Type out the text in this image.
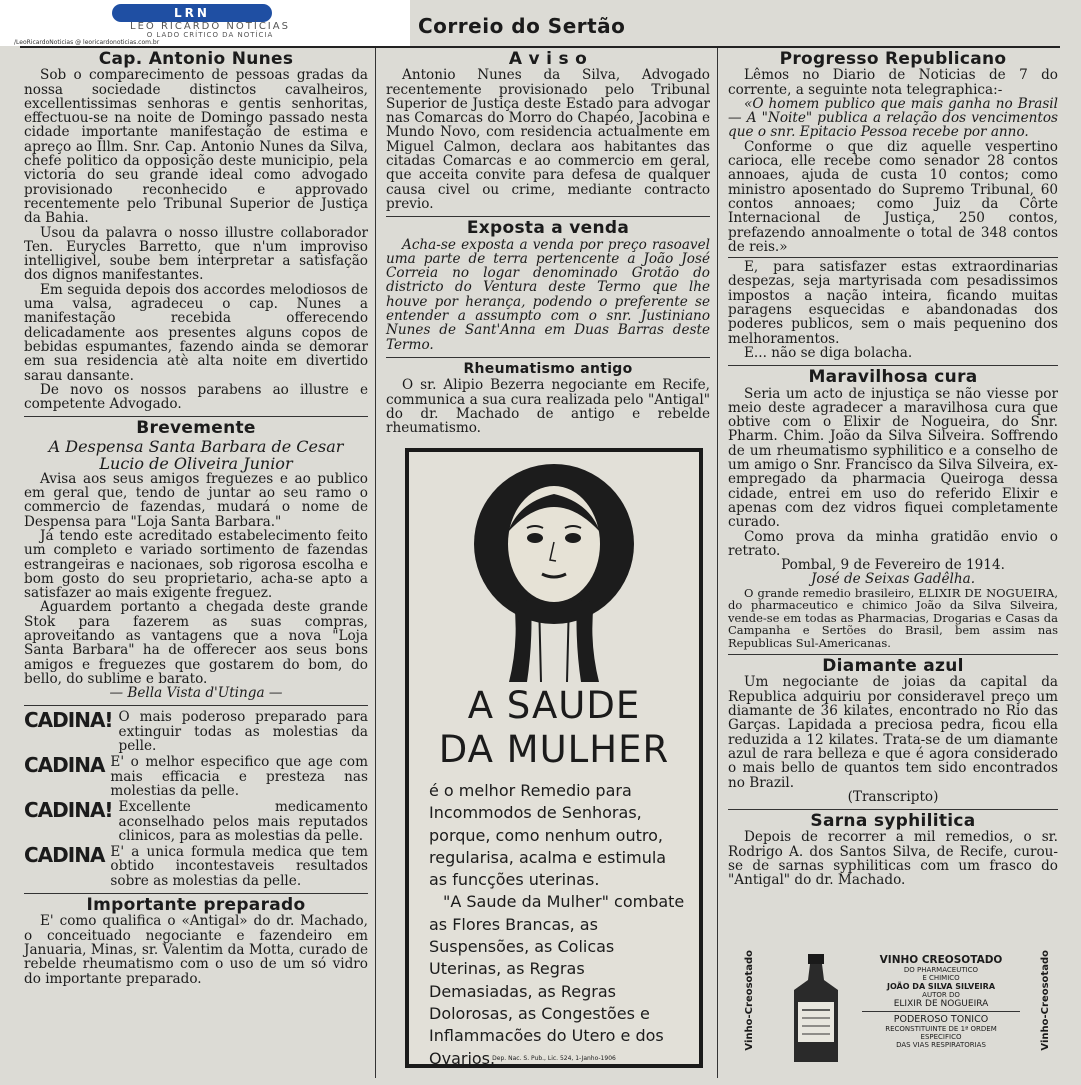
LRN
LEO RICARDO NOTÍCIAS
O LADO CRÍTICO DA NOTÍCIA
/LeoRicardoNoticias @ leoricardonoticias.com.br
Correio do Sertão
Cap. Antonio Nunes

Sob o comparecimento de pessoas gradas da nossa sociedade distinctos cavalheiros, excellentissimas senhoras e gentis senhoritas, effectuou-se na noite de Domingo passado nesta cidade importante manifestação de estima e apreço ao Illm. Snr. Cap. Antonio Nunes da Silva, chefe politico da opposição deste municipio, pela victoria do seu grande ideal como advogado provisionado reconhecido e approvado recentemente pelo Tribunal Superior de Justiça da Bahia.

Usou da palavra o nosso illustre collaborador Ten. Eurycles Barretto, que n'um improviso intelligivel, soube bem interpretar a satisfação dos dignos manifestantes.

Em seguida depois dos accordes melodiosos de uma valsa, agradeceu o cap. Nunes a manifestação recebida offerecendo delicadamente aos presentes alguns copos de bebidas espumantes, fazendo ainda se demorar em sua residencia atè alta noite em divertido sarau dansante.

De novo os nossos parabens ao illustre e competente Advogado.

Brevemente
A Despensa Santa Barbara de Cesar Lucio de Oliveira Junior

Avisa aos seus amigos freguezes e ao publico em geral que, tendo de juntar ao seu ramo o commercio de fazendas, mudará o nome de Despensa para "Loja Santa Barbara."

Já tendo este acreditado estabelecimento feito um completo e variado sortimento de fazendas estrangeiras e nacionaes, sob rigorosa escolha e bom gosto do seu proprietario, acha-se apto a satisfazer ao mais exigente freguez.

Aguardem portanto a chegada deste grande Stok para fazerem as suas compras, aproveitando as vantagens que a nova "Loja Santa Barbara" ha de offerecer aos seus bons amigos e freguezes que gostarem do bom, do bello, do sublime e barato.

— Bella Vista d'Utinga —

CADINA! O mais poderoso preparado para extinguir todas as molestias da pelle.
CADINA E' o melhor especifico que age com mais efficacia e presteza nas molestias da pelle.
CADINA! Excellente medicamento aconselhado pelos mais reputados clinicos, para as molestias da pelle.
CADINA E' a unica formula medica que tem obtido incontestaveis resultados sobre as molestias da pelle.
Importante preparado

E' como qualifica o «Antigal» do dr. Machado, o conceituado negociante e fazendeiro em Januaria, Minas, sr. Valentim da Motta, curado de rebelde rheumatismo com o uso de um só vidro do importante preparado.

A v i s o

Antonio Nunes da Silva, Advogado recentemente provisionado pelo Tribunal Superior de Justiça deste Estado para advogar nas Comarcas do Morro do Chapéo, Jacobina e Mundo Novo, com residencia actualmente em Miguel Calmon, declara aos habitantes das citadas Comarcas e ao commercio em geral, que acceita convite para defesa de qualquer causa civel ou crime, mediante contracto previo.

Exposta a venda

Acha-se exposta a venda por preço rasoavel uma parte de terra pertencente a João José Correia no logar denominado Grotão do districto do Ventura deste Termo que lhe houve por herança, podendo o preferente se entender a assumpto com o snr. Justiniano Nunes de Sant'Anna em Duas Barras deste Termo.

Rheumatismo antigo

O sr. Alipio Bezerra negociante em Recife, communica a sua cura realizada pelo "Antigal" do dr. Machado de antigo e rebelde rheumatismo.

A SAUDE
DA MULHER
é o melhor Remedio para Incommodos de Senhoras, porque, como nenhum outro, regularisa, acalma e estimula as funcções uterinas.
"A Saude da Mulher" combate as Flores Brancas, as Suspensões, as Colicas Uterinas, as Regras Demasiadas, as Regras Dolorosas, as Congestões e Inflammacões do Utero e dos Ovarios.
Dep. Nac. S. Pub., Lic. 524, 1-Janho-1906
Progresso Republicano

Lêmos no Diario de Noticias de 7 do corrente, a seguinte nota telegraphica:-

«O homem publico que mais ganha no Brasil — A "Noite" publica a relação dos vencimentos que o snr. Epitacio Pessoa recebe por anno.

Conforme o que diz aquelle vespertino carioca, elle recebe como senador 28 contos annoaes, ajuda de custa 10 contos; como ministro aposentado do Supremo Tribunal, 60 contos annoaes; como Juiz da Côrte Internacional de Justiça, 250 contos, prefazendo annoalmente o total de 348 contos de reis.»

E, para satisfazer estas extraordinarias despezas, seja martyrisada com pesadissimos impostos a nação inteira, ficando muitas paragens esquecidas e abandonadas dos poderes publicos, sem o mais pequenino dos melhoramentos.

E... não se diga bolacha.

Maravilhosa cura

Seria um acto de injustiça se não viesse por meio deste agradecer a maravilhosa cura que obtive com o Elixir de Nogueira, do Snr. Pharm. Chim. João da Silva Silveira. Soffrendo de um rheumatismo syphilitico e a conselho de um amigo o Snr. Francisco da Silva Silveira, ex-empregado da pharmacia Queiroga dessa cidade, entrei em uso do referido Elixir e apenas com dez vidros fiquei completamente curado.

Como prova da minha gratidão envio o retrato.

Pombal, 9 de Fevereiro de 1914.

José de Seixas Gadêlha.

O grande remedio brasileiro, ELIXIR DE NOGUEIRA, do pharmaceutico e chimico João da Silva Silveira, vende-se em todas as Pharmacias, Drogarias e Casas da Campanha e Sertões do Brasil, bem assim nas Republicas Sul-Americanas.

Diamante azul

Um negociante de joias da capital da Republica adquiriu por consideravel preço um diamante de 36 kilates, encontrado no Rio das Garças. Lapidada a preciosa pedra, ficou ella reduzida a 12 kilates. Trata-se de um diamante azul de rara belleza e que é agora considerado o mais bello de quantos tem sido encontrados no Brazil.

(Transcripto)

Sarna syphilitica

Depois de recorrer a mil remedios, o sr. Rodrigo A. dos Santos Silva, de Recife, curou-se de sarnas syphiliticas com um frasco do "Antigal" do dr. Machado.

Vinho-Creosotado	Vinho-Creosotado
VINHO CREOSOTADO
DO PHARMACEUTICO
E CHIMICO
JOÃO DA SILVA SILVEIRA
AUTOR DO
ELIXIR DE NOGUEIRA
PODEROSO TONICO
RECONSTITUINTE DE 1ª ORDEM
ESPECIFICO
DAS VIAS RESPIRATORIAS
